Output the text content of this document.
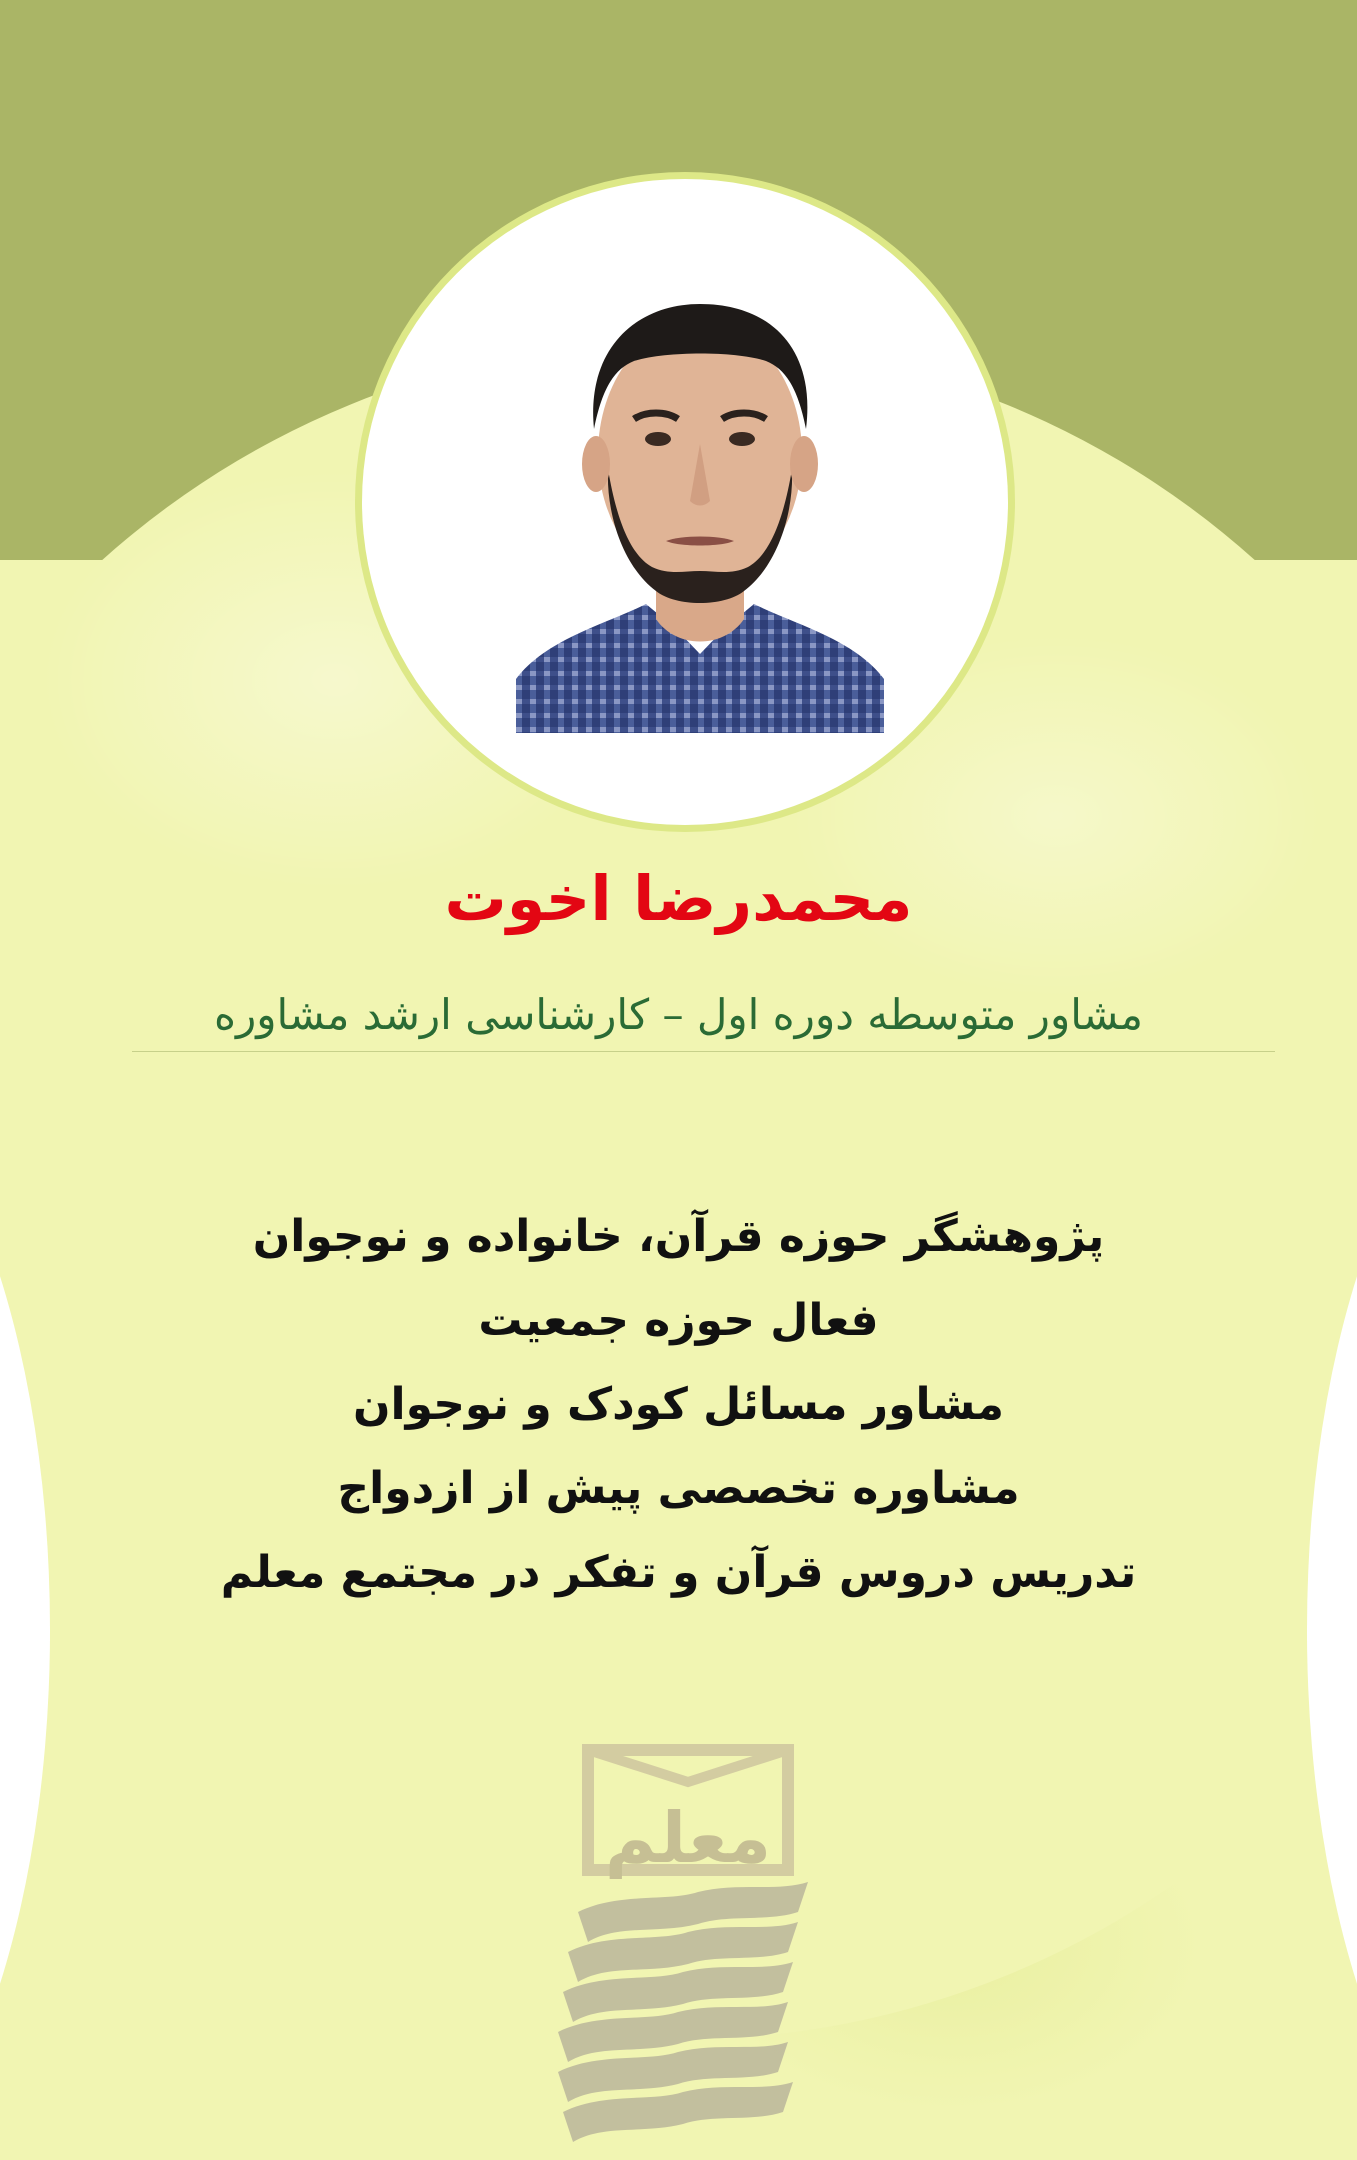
محمدرضا اخوت
مشاور متوسطه دوره اول – کارشناسی ارشد مشاوره
پژوهشگر حوزه قرآن، خانواده و نوجوان
فعال حوزه جمعیت
مشاور مسائل کودک و نوجوان
مشاوره تخصصی پیش از ازدواج
تدریس دروس قرآن و تفکر در مجتمع معلم
معلم
